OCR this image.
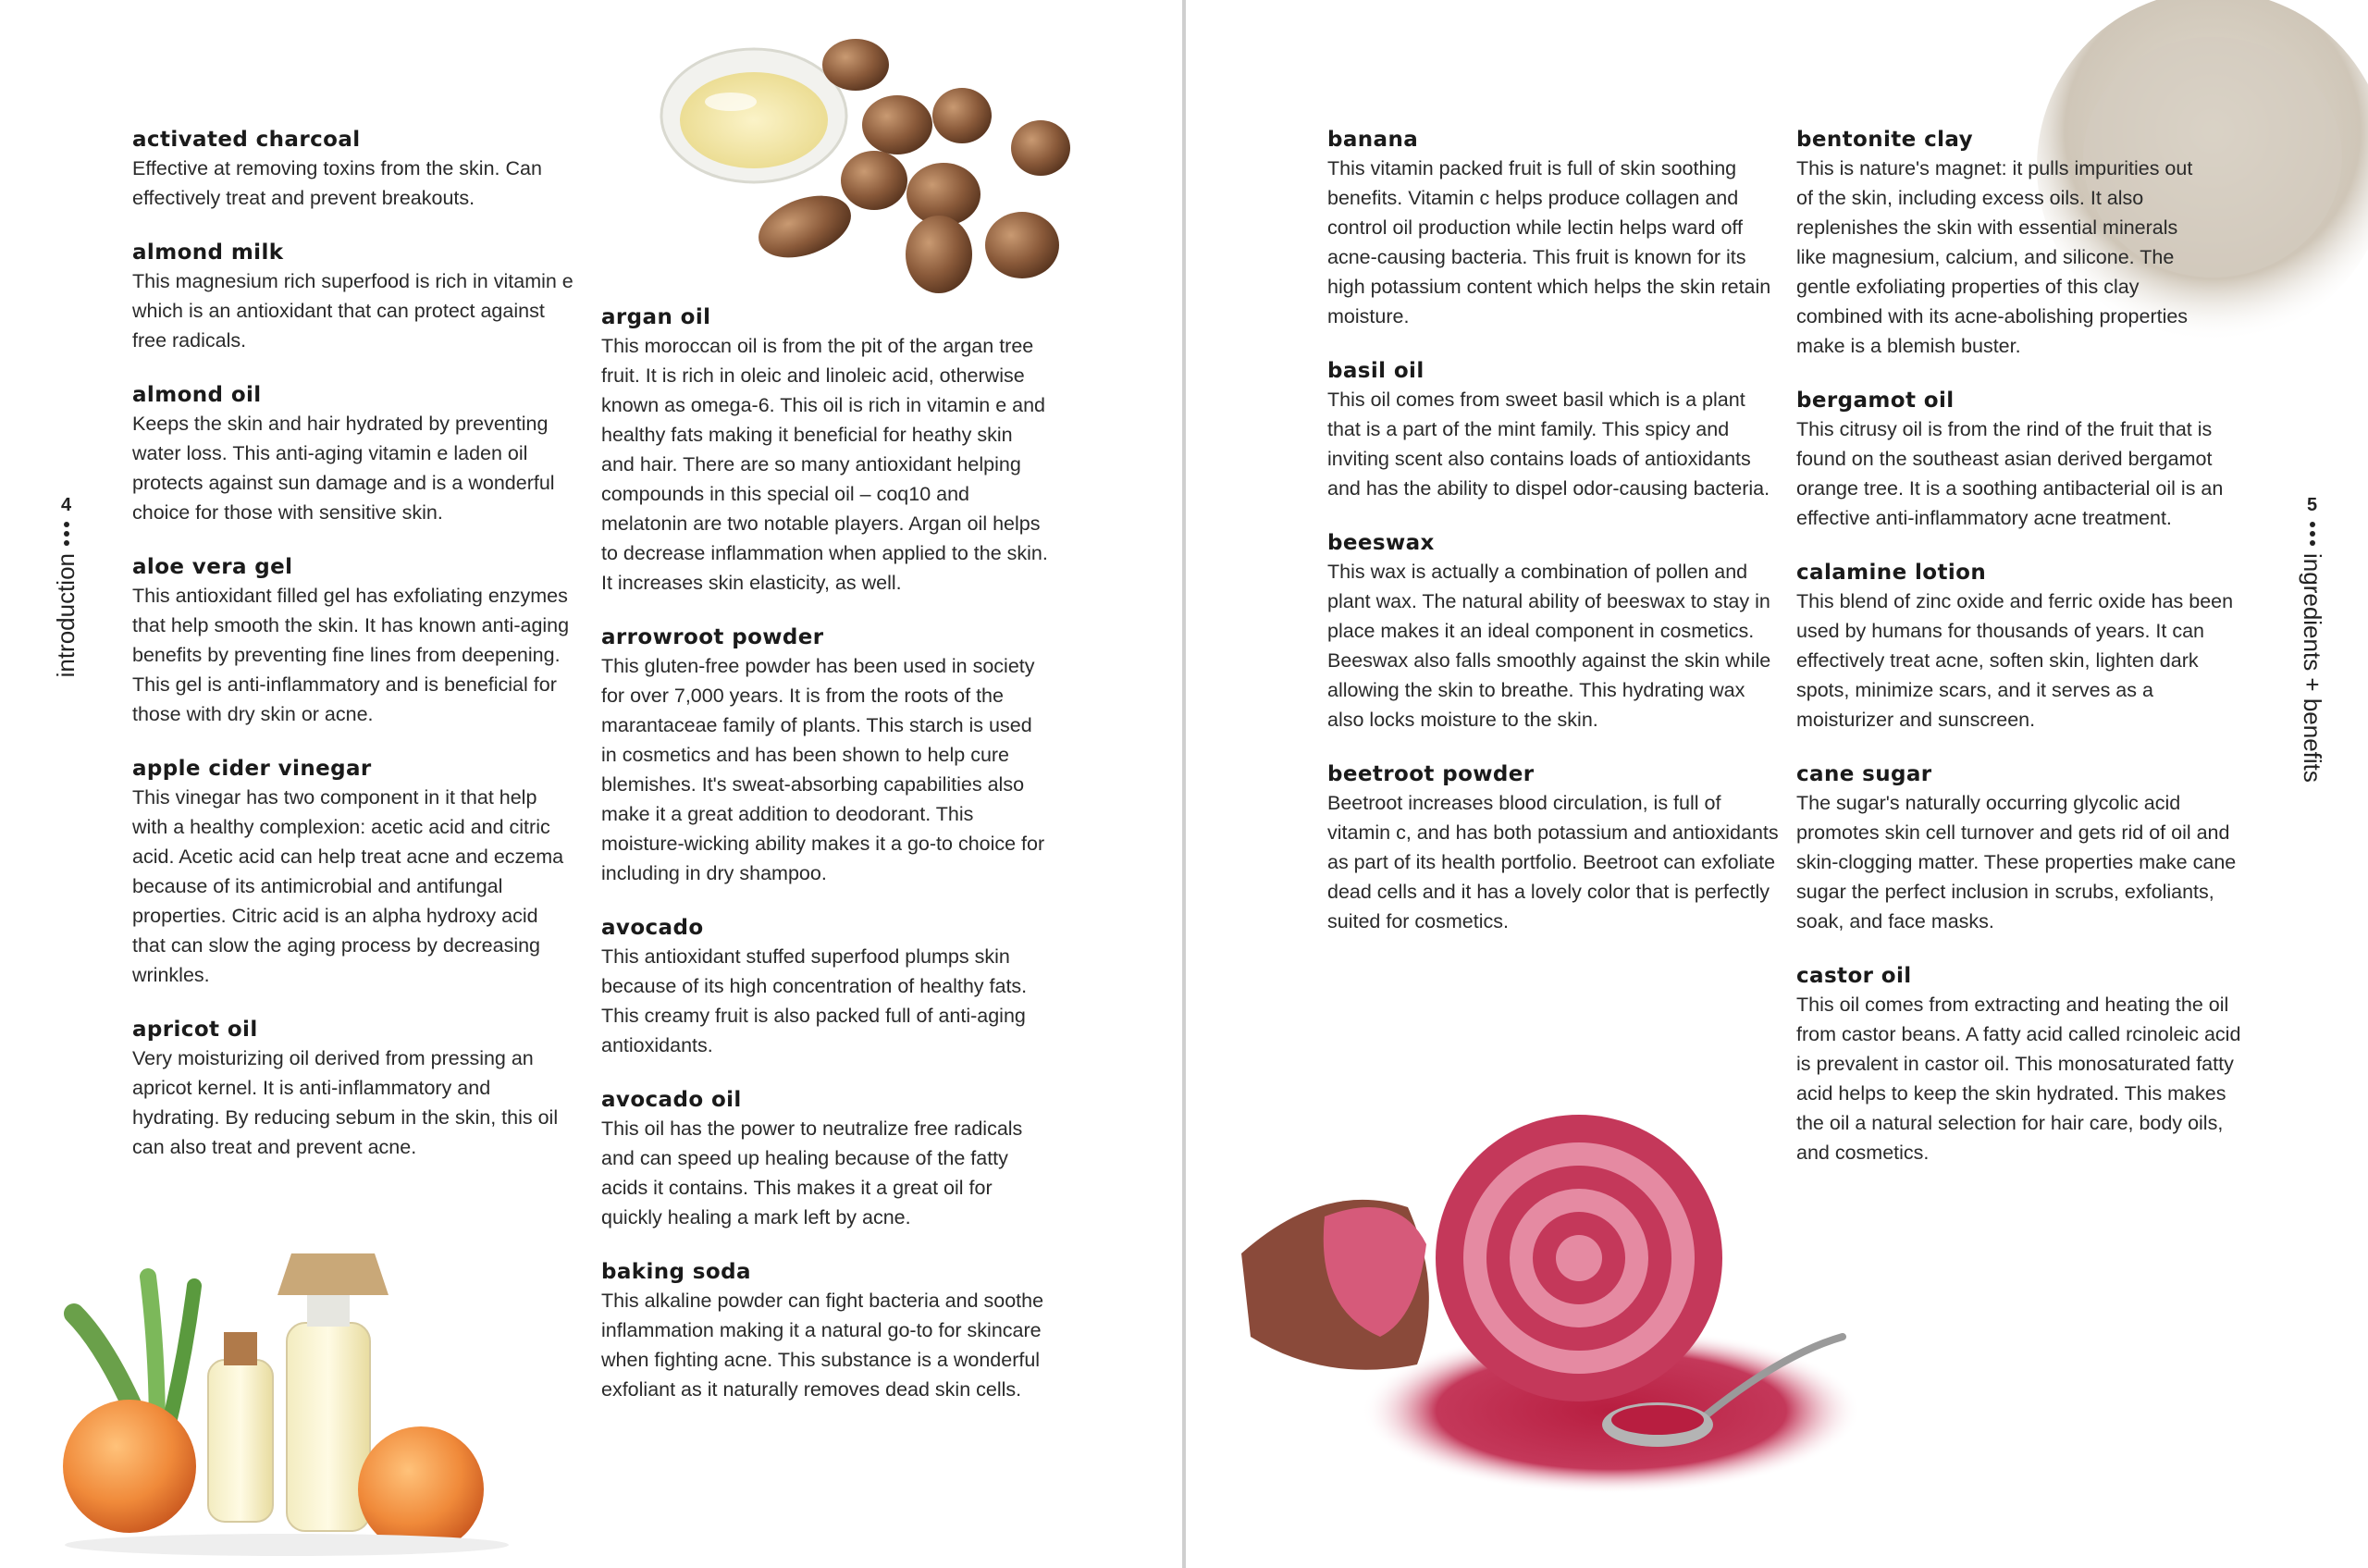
4
introduction
activated charcoal

Effective at removing toxins from the skin. Can effectively treat and prevent breakouts.

almond milk

This magnesium rich superfood is rich in vitamin e which is an antioxidant that can protect against free radicals.

almond oil

Keeps the skin and hair hydrated by preventing water loss. This anti-aging vitamin e laden oil protects against sun damage and is a wonderful choice for those with sensitive skin.

aloe vera gel

This antioxidant filled gel has exfoliating enzymes that help smooth the skin. It has known anti-aging benefits by preventing fine lines from deepening. This gel is anti-inflammatory and is beneficial for those with dry skin or acne.

apple cider vinegar

This vinegar has two component in it that help with a healthy complexion: acetic acid and citric acid. Acetic acid can help treat acne and eczema because of its antimicrobial and antifungal properties. Citric acid is an alpha hydroxy acid that can slow the aging process by decreasing wrinkles.

apricot oil

Very moisturizing oil derived from pressing an apricot kernel. It is anti-inflammatory and hydrating. By reducing sebum in the skin, this oil can also treat and prevent acne.

argan oil

This moroccan oil is from the pit of the argan tree fruit. It is rich in oleic and linoleic acid, otherwise known as omega-6. This oil is rich in vitamin e and healthy fats making it beneficial for heathy skin and hair. There are so many antioxidant helping compounds in this special oil – coq10 and melatonin are two notable players. Argan oil helps to decrease inflammation when applied to the skin. It increases skin elasticity, as well.

arrowroot powder

This gluten-free powder has been used in society for over 7,000 years. It is from the roots of the marantaceae family of plants. This starch is used in cosmetics and has been shown to help cure blemishes. It's sweat-absorbing capabilities also make it a great addition to deodorant. This moisture-wicking ability makes it a go-to choice for including in dry shampoo.

avocado

This antioxidant stuffed superfood plumps skin because of its high concentration of healthy fats. This creamy fruit is also packed full of anti-aging antioxidants.

avocado oil

This oil has the power to neutralize free radicals and can speed up healing because of the fatty acids it contains. This makes it a great oil for quickly healing a mark left by acne.

baking soda

This alkaline powder can fight bacteria and soothe inflammation making it a natural go-to for skincare when fighting acne. This substance is a wonderful exfoliant as it naturally removes dead skin cells.

5
ingredients + benefits
banana

This vitamin packed fruit is full of skin soothing benefits. Vitamin c helps produce collagen and control oil production while lectin helps ward off acne-causing bacteria. This fruit is known for its high potassium content which helps the skin retain moisture.

basil oil

This oil comes from sweet basil which is a plant that is a part of the mint family. This spicy and inviting scent also contains loads of antioxidants and has the ability to dispel odor-causing bacteria.

beeswax

This wax is actually a combination of pollen and plant wax. The natural ability of beeswax to stay in place makes it an ideal component in cosmetics. Beeswax also falls smoothly against the skin while allowing the skin to breathe. This hydrating wax also locks moisture to the skin.

beetroot powder

Beetroot increases blood circulation, is full of vitamin c, and has both potassium and antioxidants as part of its health portfolio. Beetroot can exfoliate dead cells and it has a lovely color that is perfectly suited for cosmetics.

bentonite clay

This is nature's magnet: it pulls impurities out of the skin, including excess oils. It also replenishes the skin with essential minerals like magnesium, calcium, and silicone. The gentle exfoliating properties of this clay combined with its acne-abolishing properties make is a blemish buster.

bergamot oil

This citrusy oil is from the rind of the fruit that is found on the southeast asian derived bergamot orange tree. It is a soothing antibacterial oil is an effective anti-inflammatory acne treatment.

calamine lotion

This blend of zinc oxide and ferric oxide has been used by humans for thousands of years. It can effectively treat acne, soften skin, lighten dark spots, minimize scars, and it serves as a moisturizer and sunscreen.

cane sugar

The sugar's naturally occurring glycolic acid promotes skin cell turnover and gets rid of oil and skin-clogging matter. These properties make cane sugar the perfect inclusion in scrubs, exfoliants, soak, and face masks.

castor oil

This oil comes from extracting and heating the oil from castor beans. A fatty acid called rcinoleic acid is prevalent in castor oil. This monosaturated fatty acid helps to keep the skin hydrated. This makes the oil a natural selection for hair care, body oils, and cosmetics.
